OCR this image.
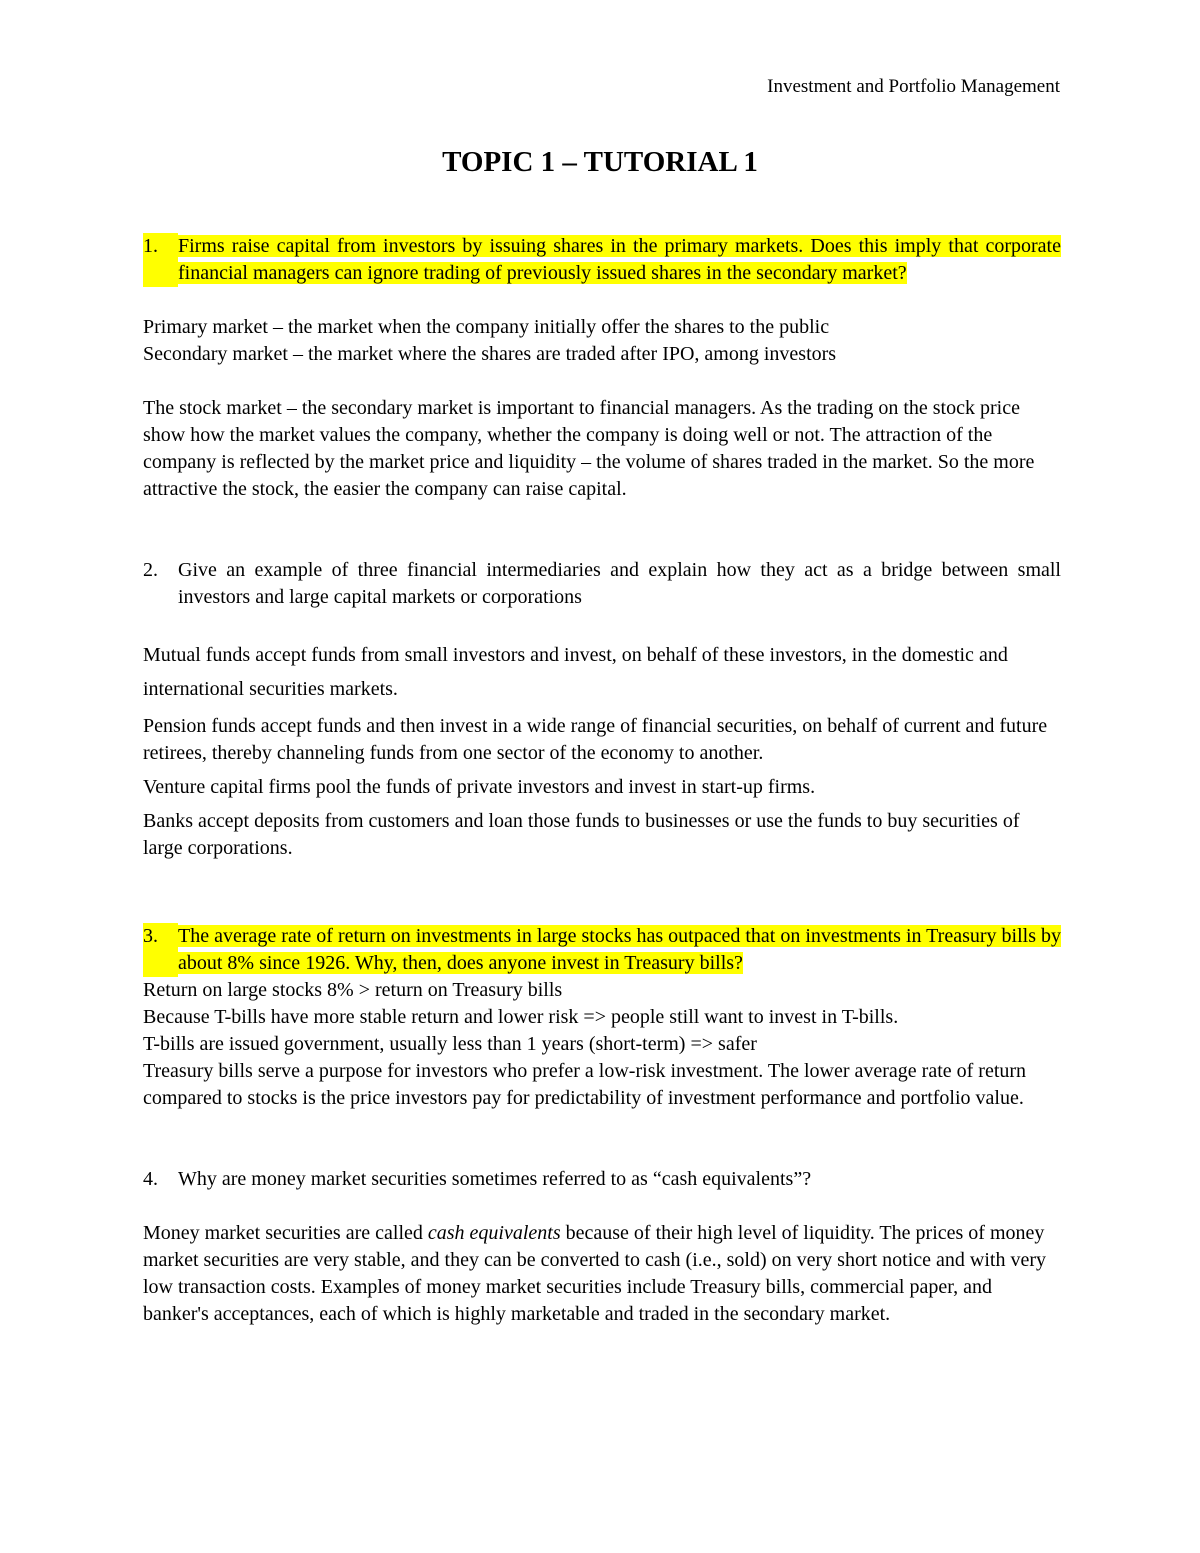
Investment and Portfolio Management
TOPIC 1 – TUTORIAL 1
1.	Firms raise capital from investors by issuing shares in the primary markets. Does this imply that corporate financial managers can ignore trading of previously issued shares in the secondary market?

Primary market – the market when the company initially offer the shares to the public

Secondary market – the market where the shares are traded after IPO, among investors

The stock market – the secondary market is important to financial managers. As the trading on the stock price show how the market values the company, whether the company is doing well or not. The attraction of the company is reflected by the market price and liquidity – the volume of shares traded in the market. So the more attractive the stock, the easier the company can raise capital.

2.	Give an example of three financial intermediaries and explain how they act as a bridge between small investors and large capital markets or corporations

Mutual funds accept funds from small investors and invest, on behalf of these investors, in the domestic and international securities markets.

Pension funds accept funds and then invest in a wide range of financial securities, on behalf of current and future retirees, thereby channeling funds from one sector of the economy to another.

Venture capital firms pool the funds of private investors and invest in start-up firms.

Banks accept deposits from customers and loan those funds to businesses or use the funds to buy securities of large corporations.

3.	The average rate of return on investments in large stocks has outpaced that on investments in Treasury bills by about 8% since 1926. Why, then, does anyone invest in Treasury bills?

Return on large stocks 8% > return on Treasury bills

Because T-bills have more stable return and lower risk => people still want to invest in T-bills.

T-bills are issued government, usually less than 1 years (short-term) => safer

Treasury bills serve a purpose for investors who prefer a low-risk investment. The lower average rate of return compared to stocks is the price investors pay for predictability of investment performance and portfolio value.

4.	Why are money market securities sometimes referred to as “cash equivalents”?

Money market securities are called cash equivalents because of their high level of liquidity. The prices of money market securities are very stable, and they can be converted to cash (i.e., sold) on very short notice and with very low transaction costs. Examples of money market securities include Treasury bills, commercial paper, and banker's acceptances, each of which is highly marketable and traded in the secondary market.
